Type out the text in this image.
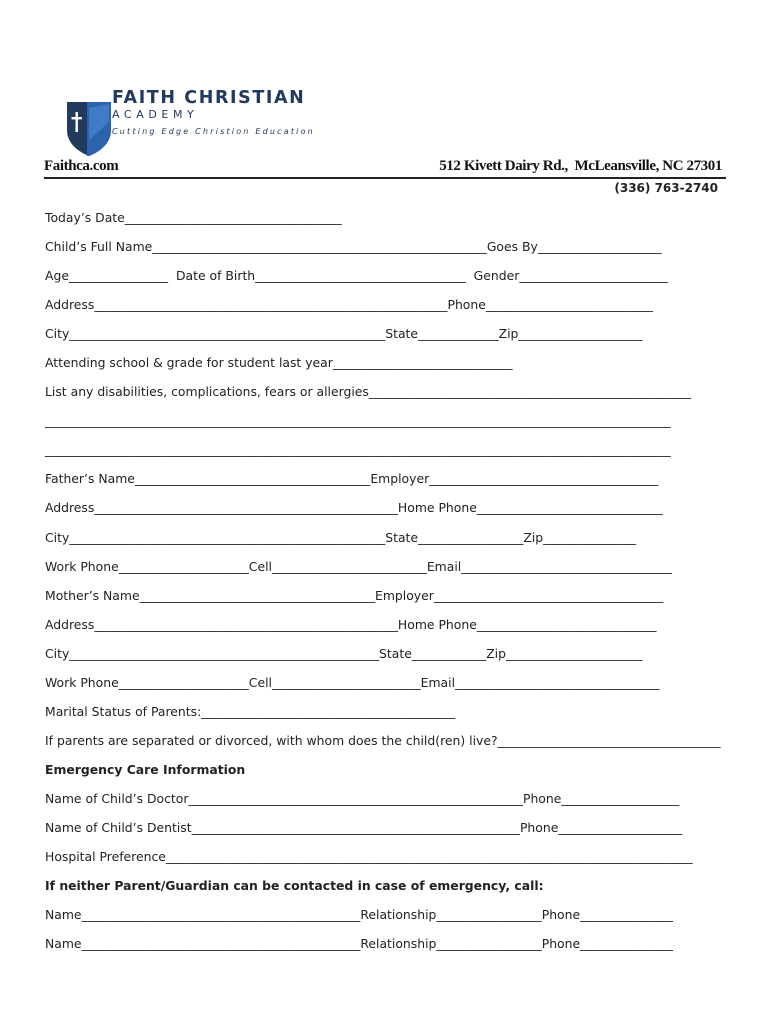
FAITH CHRISTIAN
ACADEMY
Cutting Edge Christion Education
Faithca.com	512 Kivett Dairy Rd.,  McLeansville, NC 27301
(336) 763-2740
Today’s Date___________________________________
Child’s Full Name______________________________________________________Goes By____________________
Age________________  Date of Birth__________________________________  Gender________________________
Address_________________________________________________________Phone___________________________
City___________________________________________________State_____________Zip____________________
Attending school & grade for student last year_____________________________
List any disabilities, complications, fears or allergies____________________________________________________
_____________________________________________________________________________________________________
_____________________________________________________________________________________________________
Father’s Name______________________________________Employer_____________________________________
Address_________________________________________________Home Phone______________________________
City___________________________________________________State_________________Zip_______________
Work Phone_____________________Cell_________________________Email__________________________________
Mother’s Name______________________________________Employer_____________________________________
Address_________________________________________________Home Phone_____________________________
City__________________________________________________State____________Zip______________________
Work Phone_____________________Cell________________________Email_________________________________
Marital Status of Parents:_________________________________________
If parents are separated or divorced, with whom does the child(ren) live?____________________________________
Emergency Care Information
Name of Child’s Doctor______________________________________________________Phone___________________
Name of Child’s Dentist_____________________________________________________Phone____________________
Hospital Preference_____________________________________________________________________________________
If neither Parent/Guardian can be contacted in case of emergency, call:
Name_____________________________________________Relationship_________________Phone_______________
Name_____________________________________________Relationship_________________Phone_______________
